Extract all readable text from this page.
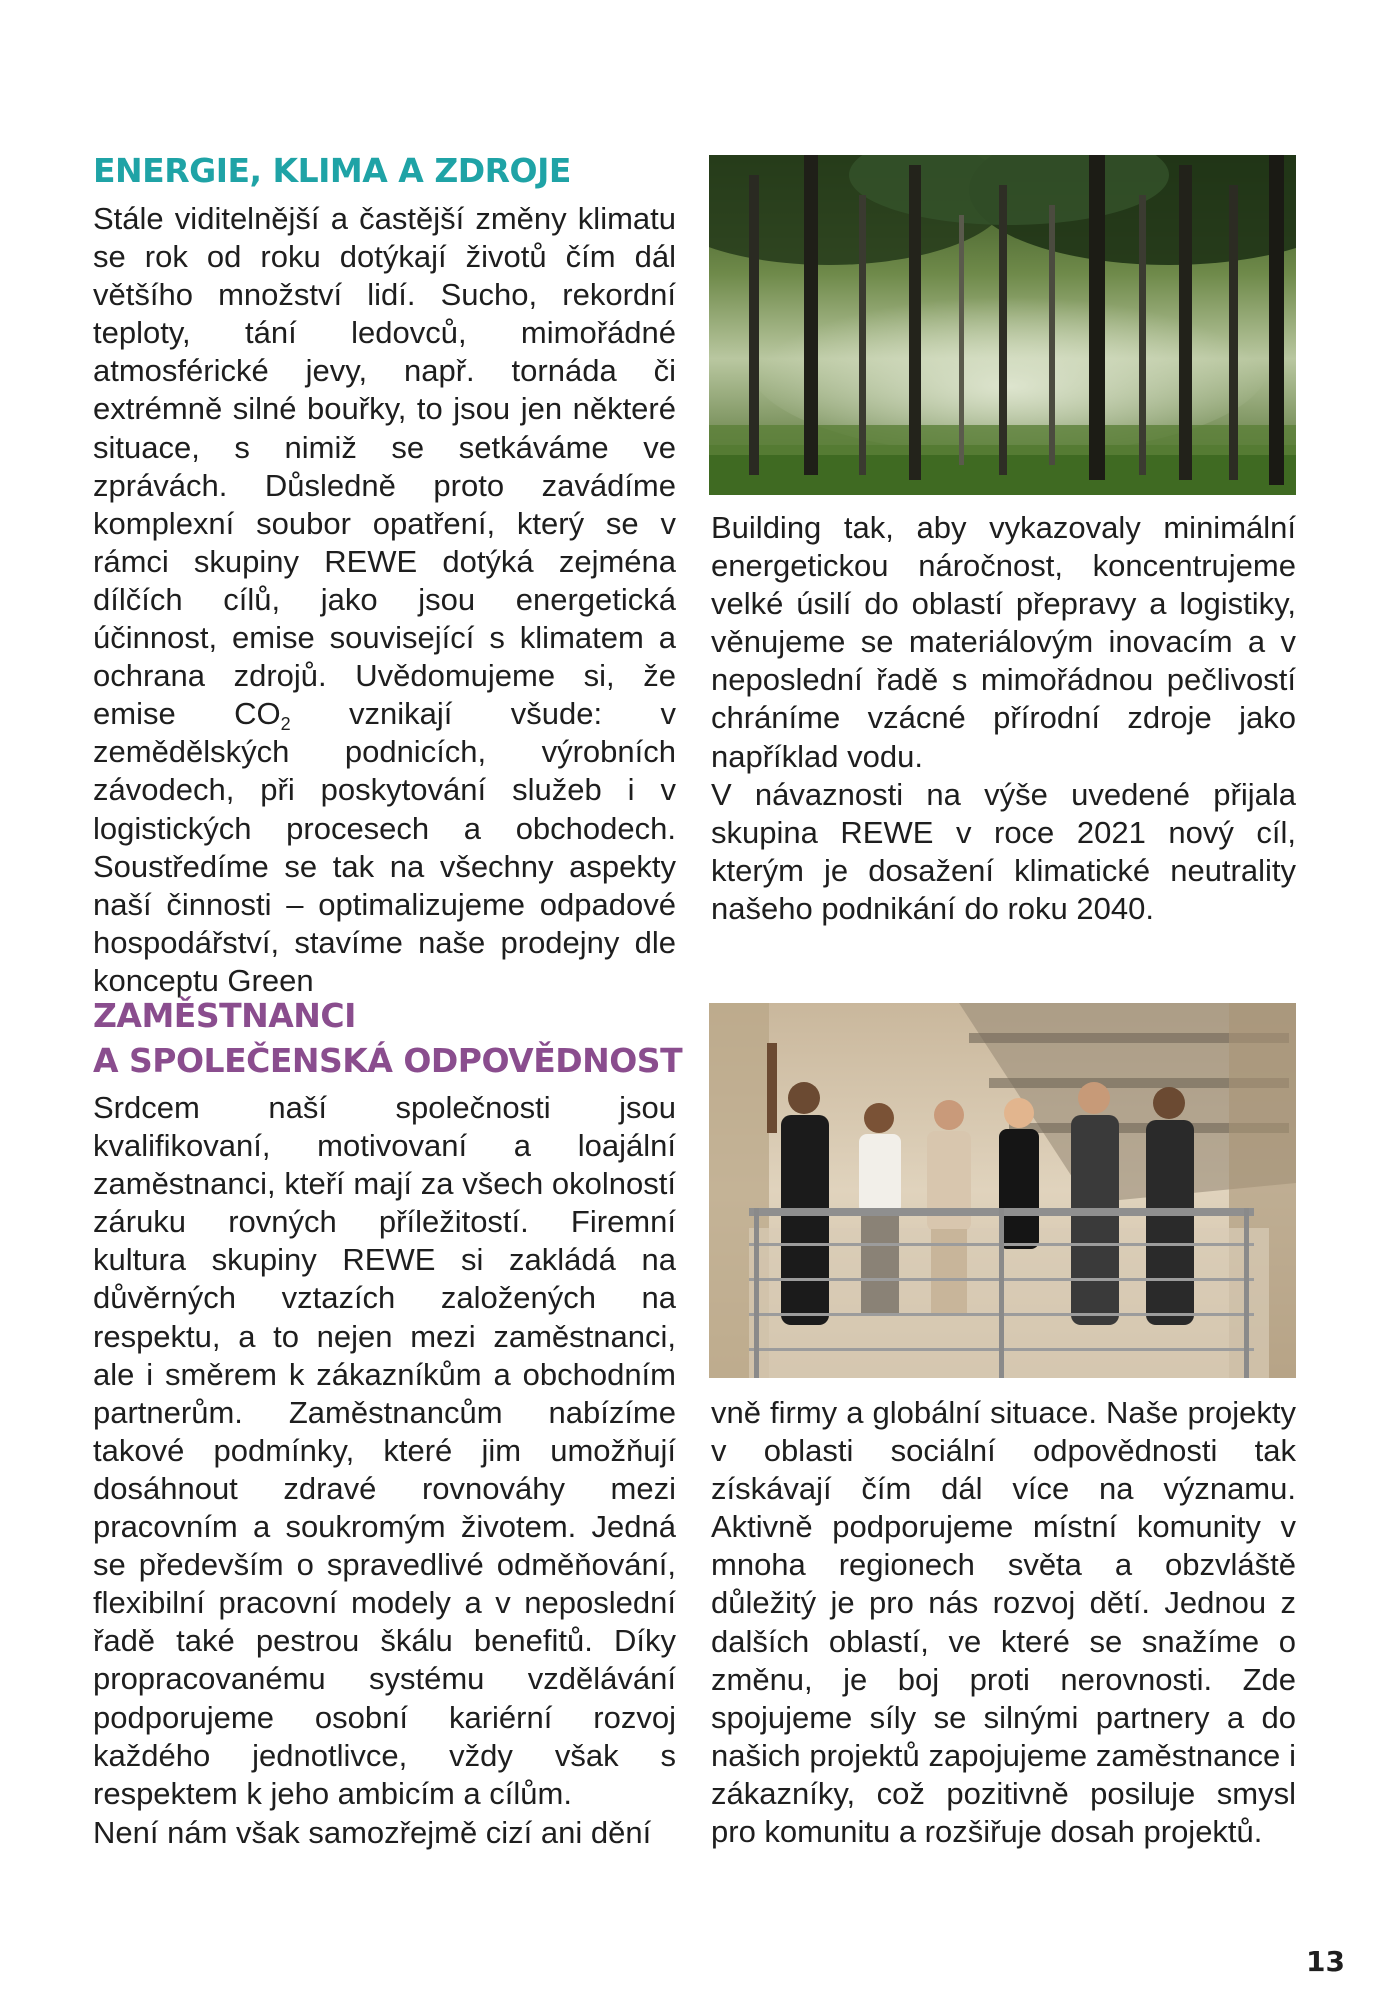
ENERGIE, KLIMA A ZDROJE

Stále viditelnější a častější změny klimatu se rok od roku dotýkají životů čím dál většího množství lidí. Sucho, rekordní teploty, tání ledovců, mimořádné atmosférické jevy, např. tornáda či extrémně silné bouřky, to jsou jen některé situace, s nimiž se setkáváme ve zprávách. Důsledně proto zavádíme komplexní soubor opatření, který se v rámci skupiny REWE dotýká zejména dílčích cílů, jako jsou energetická účinnost, emise související s klimatem a ochrana zdrojů. Uvědomujeme si, že emise $CO_2$ vznikají všude: v zemědělských podnicích, výrobních závodech, při poskytování služeb i v logistických procesech a obchodech. Soustředíme se tak na všechny aspekty naší činnosti – optimalizujeme odpadové hospodářství, stavíme naše prodejny dle konceptu Green

Building tak, aby vykazovaly minimální energetickou náročnost, koncentrujeme velké úsilí do oblastí přepravy a logistiky, věnujeme se materiálovým inovacím a v neposlední řadě s mimořádnou pečlivostí chráníme vzácné přírodní zdroje jako například vodu.

V návaznosti na výše uvedené přijala skupina REWE v roce 2021 nový cíl, kterým je dosažení klimatické neutrality našeho podnikání do roku 2040.

ZAMĚSTNANCI
A SPOLEČENSKÁ ODPOVĚDNOST

Srdcem naší společnosti jsou kvalifikovaní, motivovaní a loajální zaměstnanci, kteří mají za všech okolností záruku rovných příležitostí. Firemní kultura skupiny REWE si zakládá na důvěrných vztazích založených na respektu, a to nejen mezi zaměstnanci, ale i směrem k zákazníkům a obchodním partnerům. Zaměstnancům nabízíme takové podmínky, které jim umožňují dosáhnout zdravé rovnováhy mezi pracovním a soukromým životem. Jedná se především o spravedlivé odměňování, flexibilní pracovní modely a v neposlední řadě také pestrou škálu benefitů. Díky propracovanému systému vzdělávání podporujeme osobní kariérní rozvoj každého jednotlivce, vždy však s respektem k jeho ambicím a cílům.

Není nám však samozřejmě cizí ani dění

vně firmy a globální situace. Naše projekty v oblasti sociální odpovědnosti tak získávají čím dál více na významu. Aktivně podporujeme místní komunity v mnoha regionech světa a obzvláště důležitý je pro nás rozvoj dětí. Jednou z dalších oblastí, ve které se snažíme o změnu, je boj proti nerovnosti. Zde spojujeme síly se silnými partnery a do našich projektů zapojujeme zaměstnance i zákazníky, což pozitivně posiluje smysl pro komunitu a rozšiřuje dosah projektů.

13
